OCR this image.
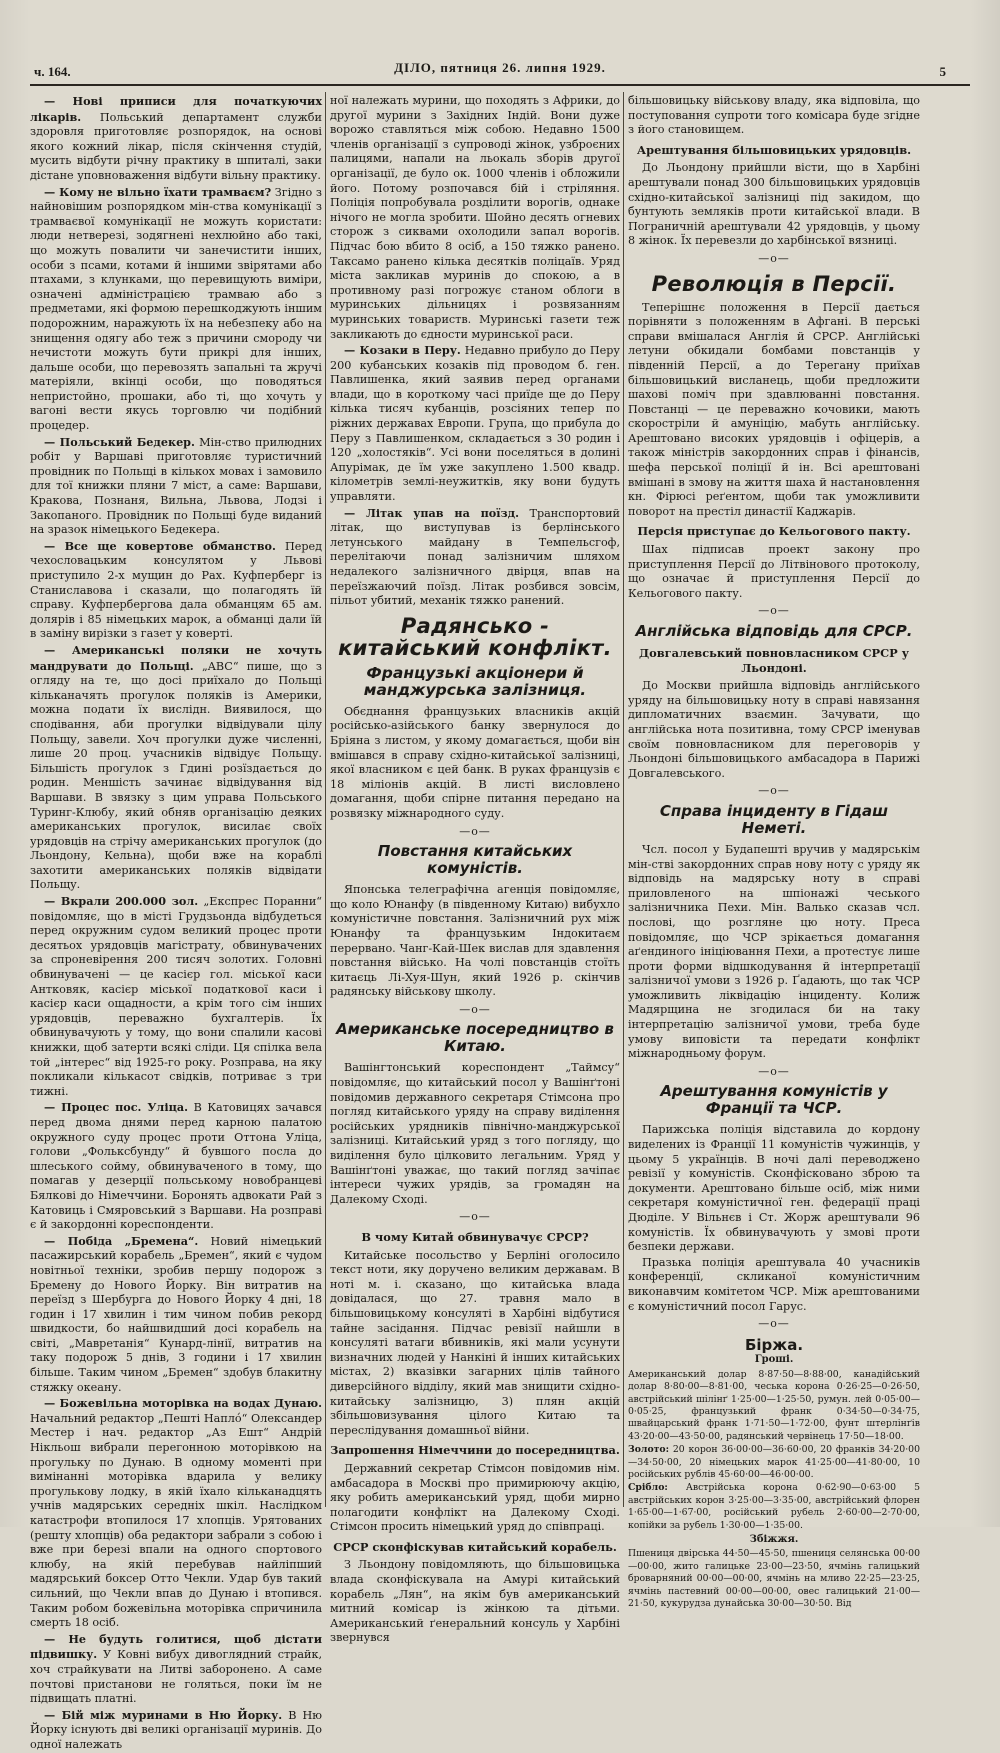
ч. 164.	ДІЛО, пятниця 26. липня 1929.	5

— Нові приписи для початкуючих лікарів. Польський департамент служби здоровля приготовляє розпорядок, на основі якого кожний лікар, після скінчення студій, мусить відбути річну практику в шпиталі, заки дістане уповноваження відбути вільну практику.

— Кому не вільно їхати трамваєм? Згідно з найновішим розпорядком мін-ства комунікації з трамваєвої комунікації не можуть користати: люди нетверезі, зодягнені нехлюйно або такі, що можуть повалити чи занечистити інших, особи з псами, котами й іншими звірятами або птахами, з клунками, що перевищують виміри, означені адміністрацією трамваю або з предметами, які формою перешкоджують іншим подорожним, наражують їх на небезпеку або на знищення одягу або теж з причини смороду чи нечистоти можуть бути прикрі для інших, дальше особи, що перевозять запальні та жручі матеріяли, вкінці особи, що поводяться непристойно, прошаки, або ті, що хочуть у вагоні вести якусь торговлю чи подібний процедер.

— Польський Бедекер. Мін-ство прилюдних робіт у Варшаві приготовляє туристичний провідник по Польщі в кількох мовах і замовило для тої книжки пляни 7 міст, а саме: Варшави, Кракова, Познаня, Вильна, Львова, Лодзі і Закопаного. Провідник по Польщі буде виданий на зразок німецького Бедекера.

— Все ще ковертове обманство. Перед чехословацьким консулятом у Львові приступило 2-х мущин до Рах. Куфперберг із Станиславова і сказали, що полагодять їй справу. Куфпербергова дала обманцям 65 ам. долярів і 85 німецьких марок, а обманці дали їй в заміну вирізки з газет у коверті.

— Американські поляки не хочуть мандрувати до Польщі. „ABC“ пише, що з огляду на те, що досі приїхало до Польщі кільканачять прогулок поляків із Америки, можна подати їх вислідн. Виявилося, що сподівання, аби прогулки відвідували цілу Польщу, завели. Хоч прогулки дуже численні, лише 20 проц. учасників відвідує Польщу. Більшість прогулок з Гдині розїздається до родин. Меншість зачинає відвідування від Варшави. В звязку з цим управа Польського Туринг-Клюбу, який обняв організацію деяких американських прогулок, висилає своїх урядовців на стрічу американських прогулок (до Льондону, Кельна), щоби вже на кораблі захотити американських поляків відвідати Польщу.

— Вкрали 200.000 зол. „Експрес Поранни“ повідомляє, що в місті Грудзьонда відбудеться перед окружним судом великий процес проти десятьох урядовців магістрату, обвинувачених за спроневірення 200 тисяч золотих. Головні обвинувачені — це касієр гол. міської каси Антковяк, касієр міської податкової каси і касієр каси ощадности, а крім того сім інших урядовців, переважно бухгалтерів. Їх обвинувачують у тому, що вони спалили касові книжки, щоб затерти всякі сліди. Ця спілка вела той „інтерес“ від 1925-го року. Розправа, на яку покликали кількасот свідків, потриває з три тижні.

— Процес пос. Уліца. В Катовицях зачався перед двома днями перед карною палатою окружного суду процес проти Оттона Уліца, голови „Фольксбунду“ й бувшого посла до шлеського сойму, обвинуваченого в тому, що помагав у дезерції польському новобранцеві Бялкові до Німеччини. Боронять адвокати Рай з Катовиць і Смяровський з Варшави. На розправі є й закордонні кореспонденти.

— Побіда „Бремена“. Новий німецький пасажирський корабель „Бремен“, який є чудом новітньої техніки, зробив першу подорож з Бремену до Нового Йорку. Він витратив на переїзд з Шербурга до Нового Йорку 4 дні, 18 годин і 17 хвилин і тим чином побив рекорд швидкости, бо найшвидший досі корабель на світі, „Мавретанія“ Кунард-лінії, витратив на таку подорож 5 днів, 3 години і 17 хвилин більше. Таким чином „Бремен“ здобув блакитну стяжку океану.

— Божевільна моторівка на водах Дунаю. Начальний редактор „Пешті Наплó“ Олександер Местер і нач. редактор „Аз Ешт“ Андрій Нікльош вибрали перегонною моторівкою на прогульку по Дунаю. В одному моменті при вимінанні моторівка вдарила у велику прогулькову лодку, в якій їхало кільканадцять учнів мадярських середніх шкіл. Наслідком катастрофи втопилося 17 хлопців. Урятованих (решту хлопців) оба редактори забрали з собою і вже при березі впали на одного спортового клюбу, на якій перебував найліпший мадярський боксер Отто Чекли. Удар був такий сильний, що Чекли впав до Дунаю і втопився. Таким робом божевільна моторівка спричинила смерть 18 осіб.

— Не будуть голитися, щоб дістати підвишку. У Ковні вибух дивоглядний страйк, хоч страйкувати на Литві заборонено. А саме почтові пристанови не голяться, поки їм не підвищать платні.

— Бій між муринами в Ню Йорку. В Ню Йорку існують дві великі організації муринів. До одної належать

ної належать мурини, що походять з Африки, до другої мурини з Західних Індій. Вони дуже ворожо ставляться між собою. Недавно 1500 членів організації з супроводі жінок, узброєних палицями, напали на льокаль зборів другої організації, де було ок. 1000 членів і обложили його. Потому розпочався бій і стріляння. Поліція попробувала розділити ворогів, однаке нічого не могла зробити. Шойно десять огневих сторож з сиквами охолодили запал ворогів. Підчас бою вбито 8 осіб, а 150 тяжко ранено. Таксамо ранено кілька десятків поліцаїв. Уряд міста закликав муринів до спокою, а в противному разі погрожує станом облоги в муринських дільницях і розвязанням муринських товариств. Муринські газети теж закликають до єдности муринської раси.

— Козаки в Перу. Недавно прибуло до Перу 200 кубанських козаків під проводом б. ген. Павлишенка, який заявив перед органами влади, що в короткому часі приїде ще до Перу кілька тисяч кубанців, розсіяних тепер по ріжних державах Европи. Група, що прибула до Перу з Павлишенком, складається з 30 родин і 120 „холостяків“. Усі вони поселяться в долині Апурімак, де їм уже закуплено 1.500 квадр. кілометрів землі-неужитків, яку вони будуть управляти.

— Літак упав на поїзд. Транспортовий літак, що виступував із берлінського летунського майдану в Темпельсгоф, перелітаючи понад залізничим шляхом недалекого залізничного двірця, впав на переїзжаючий поїзд. Літак розбився зовсім, пільот убитий, механік тяжко ранений.

Радянсько - китайський конфлікт.
Французькі акціонери й манджурська залізниця.

Обєднання французьких власників акцій російсько-азійського банку звернулося до Бріяна з листом, у якому домагається, щоби він вмішався в справу східно-китайської залізниці, якої власником є цей банк. В руках французів є 18 міліонів акцій. В листі висловлено домагання, щоби спірне питання передано на розвязку міжнародного суду.

—o—
Повстання китайських комуністів.

Японська телеграфічна агенція повідомляє, що коло Юнанфу (в південному Китаю) вибухло комуністичне повстання. Залізничний рух між Юнанфу та французьким Індокитаєм перервано. Чанг-Кай-Шек вислав для здавлення повстання військо. На чолі повстанців стоїть китаєць Лі-Хуя-Шун, який 1926 р. скінчив радянську військову школу.

—o—
Американське посередництво в Китаю.

Вашінгтонський кореспондент „Таймсу“ повідомляє, що китайський посол у Вашінґтоні повідомив державного секретаря Стімсона про погляд китайського уряду на справу виділення російських урядників північно-манджурської залізниці. Китайський уряд з того погляду, що виділення було цілковито легальним. Уряд у Вашінґтоні уважає, що такий погляд зачіпає інтереси чужих урядів, за громадян на Далекому Сході.

—o—

В чому Китай обвинувачує СРСР?

Китайське посольство у Берліні оголосило текст ноти, яку доручено великим державам. В ноті м. і. сказано, що китайська влада довідалася, що 27. травня мало в більшовицькому консуляті в Харбіні відбутися тайне засідання. Підчас ревізії найшли в консуляті ватаги вбивників, які мали усунути визначних людей у Нанкіні й інших китайських містах, 2) вказівки загарних цілів тайного диверсійного відділу, який мав знищити східно-китайську залізницю, 3) плян акцій збільшовизування цілого Китаю та переслідування домашньої війни.

Запрошення Німеччини до посередництва.

Державний секретар Стімсон повідомив нім. амбасадора в Москві про примирюючу акцію, яку робить американський уряд, щоби мирно полагодити конфлікт на Далекому Сході. Стімсон просить німецький уряд до співпраці.

СРСР сконфіскував китайський корабель.

З Льондону повідомляють, що більшовицька влада сконфіскувала на Амурі китайський корабель „Лян“, на якім був американський митний комісар із жінкою та дітьми. Американський ґенеральний консуль у Харбіні звернувся

більшовицьку військову владу, яка відповіла, що поступовання супроти того комісара буде згідне з його становищем.

Арештування більшовицьких урядовців.

До Льондону прийшли вісти, що в Харбіні арештували понад 300 більшовицьких урядовців східно-китайської залізниці під закидом, що бунтують земляків проти китайської влади. В Пограничній арештували 42 урядовців, у цьому 8 жінок. Їх перевезли до харбінської вязниці.

—o—
Революція в Персії.

Теперішнє положення в Персії дається порівняти з положенням в Афгані. В перські справи вмішалася Англія й СРСР. Англійські летуни обкидали бомбами повстанців у південній Персії, а до Терегану приїхав більшовицький висланець, щоби предложити шахові поміч при здавлюванні повстання. Повстанці — це переважно кочовики, мають скоростріли й амуніцію, мабуть англійську. Арештовано високих урядовців і офіцерів, а також міністрів закордонних справ і фінансів, шефа перської поліції й ін. Всі арештовані вмішані в змову на життя шаха й настановлення кн. Фірюсі реґентом, щоби так уможливити поворот на престіл династії Каджарів.

Персія приступає до Кельогового пакту.

Шах підписав проект закону про приступлення Персії до Літвінового протоколу, що означає й приступлення Персії до Кельогового пакту.

—o—
Англійська відповідь для СРСР.

Довгалевський повновласником СРСР у Льондоні.

До Москви прийшла відповідь англійського уряду на більшовицьку ноту в справі навязання дипломатичних взаємин. Зачувати, що англійська нота позитивна, тому СРСР іменував своїм повновласником для переговорів у Льондоні більшовицького амбасадора в Парижі Довгалевського.

—o—
Справа інциденту в Гідаш Неметі.

Чсл. посол у Будапешті вручив у мадярськім мін-стві закордонних справ нову ноту с уряду як відповідь на мадярську ноту в справі приловленого на шпіонажі чеського залізничника Пехи. Мін. Валько сказав чсл. послові, що розгляне цю ноту. Преса повідомляє, що ЧСР зрікається домагання аґендиного ініціювання Пехи, а протестує лише проти форми відшкодування й інтерпретації залізничої умови з 1926 р. Ґадають, що так ЧСР уможливить ліквідацію інциденту. Колиж Мадярщина не згодилася би на таку інтерпретацію залізничої умови, треба буде умову виповісти та передати конфлікт міжнародньому форум.

—o—
Арештування комуністів у Франції та ЧСР.

Парижська поліція відставила до кордону виделених із Франції 11 комуністів чужинців, у цьому 5 українців. В ночі далі переводжено ревізії у комуністів. Сконфісковано зброю та документи. Арештовано більше осіб, між ними секретаря комуністичної ген. федерації праці Дюділе. У Вільнєв і Ст. Жорж арештували 96 комуністів. Їх обвинувачують у змові проти безпеки держави.

Празька поліція арештувала 40 учасників конференції, скликаної комуністичним виконавчим комітетом ЧСР. Між арештованими є комуністичний посол Гарус.

—o—
Біржа.

Гроші.

Американський долар 8·87·50—8·88·00, канадійський долар 8·80·00—8·81·00, чеська корона 0·26·25—0·26·50, австрійський шілінґ 1·25·00—1·25·50, румун. лей 0·05·00—0·05·25, французький франк 0·34·50—0·34·75, швайцарський франк 1·71·50—1·72·00, фунт штерлінґів 43·20·00—43·50·00, радянський червінець 17·50—18·00.

Золото: 20 корон 36·00·00—36·60·00, 20 франків 34·20·00—34·50·00, 20 німецьких марок 41·25·00—41·80·00, 10 російських рублів 45·60·00—46·00·00.

Срібло: Австрійська корона 0·62·90—0·63·00 5 австрійських корон 3·25·00—3·35·00, австрійський флорен 1·65·00—1·67·00, російський рубель 2·60·00—2·70·00, копійки за рубель 1·30·00—1·35·00.

Збіжжя.

Пшениця двірська 44·50—45·50, пшениця селянська 00·00—00·00, жито галицьке 23·00—23·50, ячмінь галицький броварняний 00·00—00·00, ячмінь на мливо 22·25—23·25, ячмінь пастевний 00·00—00·00, овес галицький 21·00—21·50, кукурудза дунайська 30·00—30·50. Від
